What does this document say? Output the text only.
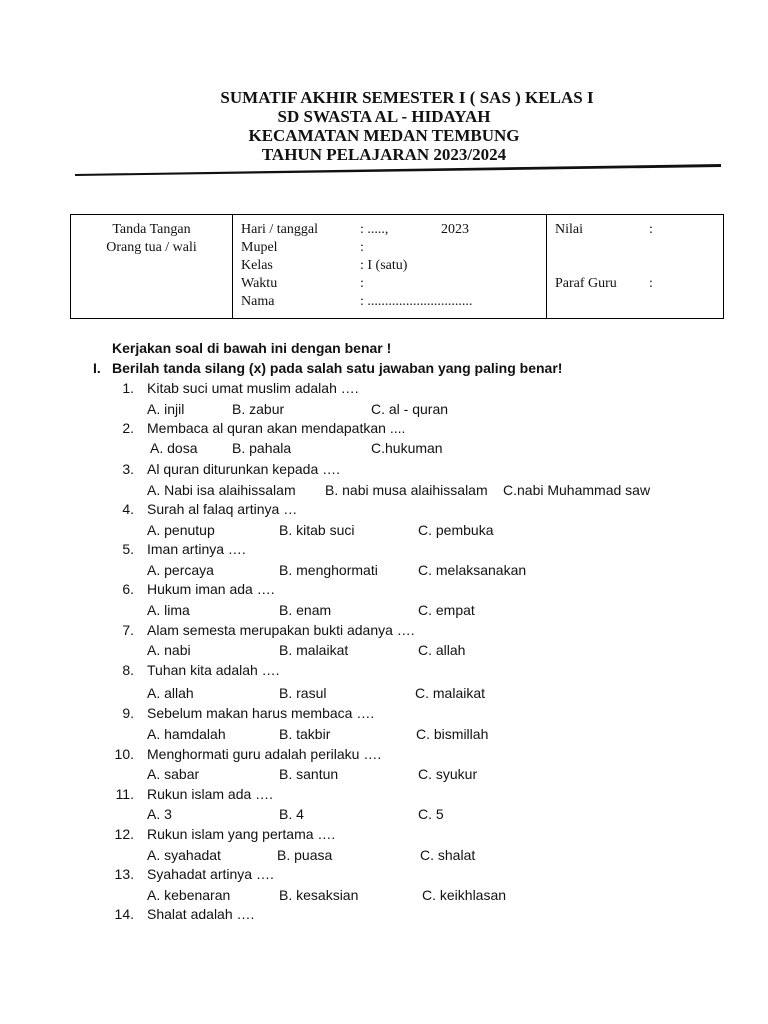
SUMATIF AKHIR SEMESTER I ( SAS ) KELAS I
SD SWASTA AL - HIDAYAH
KECAMATAN MEDAN TEMBUNG
TAHUN PELAJARAN 2023/2024
Tanda Tangan
Orang tua / wali
Hari / tanggal	: .....,	2023
Mupel	:
Kelas	: I (satu)
Waktu	:
Nama	: ..............................
Nilai	:
Paraf Guru :
Kerjakan soal di bawah ini dengan benar !
I. Berilah tanda silang (x) pada salah satu jawaban yang paling benar!
1. Kitab suci umat muslim adalah ….
A. injil	B. zabur	C. al - quran
2. Membaca al quran akan mendapatkan ....
A. dosa B. pahala	C.hukuman
3. Al quran diturunkan kepada ….
A. Nabi isa alaihissalam B. nabi musa alaihissalam C.nabi Muhammad saw
4. Surah al falaq artinya …
A. penutup	B. kitab suci	C. pembuka
5. Iman artinya ….
A. percaya	B. menghormati	C. melaksanakan
6. Hukum iman ada ….
A. lima	B. enam	C. empat
7. Alam semesta merupakan bukti adanya ….
A. nabi	B. malaikat	C. allah
8. Tuhan kita adalah ….
A. allah	B. rasul	C. malaikat
9. Sebelum makan harus membaca ….
A. hamdalah	B. takbir	C. bismillah
10. Menghormati guru adalah perilaku ….
A. sabar	B. santun	C. syukur
11. Rukun islam ada ….
A. 3	B. 4	C. 5
12. Rukun islam yang pertama ….
A. syahadat	B. puasa	C. shalat
13. Syahadat artinya ….
A. kebenaran	B. kesaksian	C. keikhlasan
14. Shalat adalah ….
